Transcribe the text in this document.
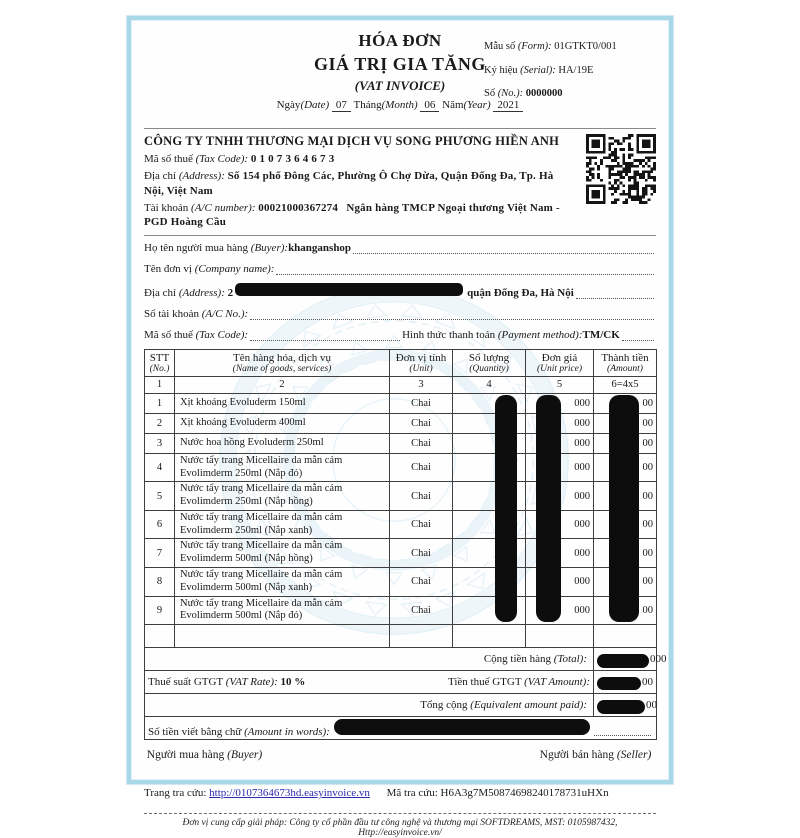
HÓA ĐƠN
GIÁ TRỊ GIA TĂNG
(VAT INVOICE)
Ngày(Date) 07 Tháng(Month) 06 Năm(Year) 2021
Mẫu số (Form): 01GTKT0/001
Ký hiệu (Serial): HA/19E
Số (No.): 0000000
CÔNG TY TNHH THƯƠNG MẠI DỊCH VỤ SONG PHƯƠNG HIỀN ANH
Mã số thuế (Tax Code): 0 1 0 7 3 6 4 6 7 3
Địa chỉ (Address): Số 154 phố Đông Các, Phường Ô Chợ Dừa, Quận Đống Đa, Tp. Hà Nội, Việt Nam
Tài khoản (A/C number): 00021000367274 Ngân hàng TMCP Ngoại thương Việt Nam - PGD Hoàng Cầu
Họ tên người mua hàng
(Buyer): khanganshop
Tên đơn vị
(Company name):
Địa chỉ
(Address):
2	quận Đống Đa, Hà Nội
Số tài khoản
(A/C No.):
Mã số thuế
(Tax Code):	Hình thức thanh toán
(Payment method): TM/CK
STT
(No.)	Tên hàng hóa, dịch vụ
(Name of goods, services)	Đơn vị tính
(Unit)	Số lượng
(Quantity)	Đơn giá
(Unit price)	Thành tiền
(Amount)

1	2	3	4	5	6=4x5
1	Xịt khoáng Evoluderm 150ml	Chai		000	00
2	Xịt khoáng Evoluderm 400ml	Chai		000	00
3	Nước hoa hồng Evoluderm 250ml	Chai		000	00
4	Nước tẩy trang Micellaire da mẫn cảm Evolimderm 250ml (Nắp đỏ)	Chai		000	00
5	Nước tẩy trang Micellaire da mẫn cảm Evolimderm 250ml (Nắp hồng)	Chai		000	00
6	Nước tẩy trang Micellaire da mẫn cảm Evolimderm 250ml (Nắp xanh)	Chai		000	00
7	Nước tẩy trang Micellaire da mẫn cảm Evolimderm 500ml (Nắp hồng)	Chai		000	00
8	Nước tẩy trang Micellaire da mẫn cảm Evolimderm 500ml (Nắp xanh)	Chai		000	00
9	Nước tẩy trang Micellaire da mẫn cảm Evolimderm 500ml (Nắp đỏ)	Chai		000	00

Cộng tiền hàng (Total):					000

Thuế suất GTGT (VAT Rate): 10 % Tiền thuế GTGT (VAT Amount):					00
Tổng cộng (Equivalent amount paid):					00

Số tiền viết bằng chữ
(Amount in words):					
Người mua hàng (Buyer)	Người bán hàng (Seller)
Trang tra cứu: http://0107364673hd.easyinvoice.vn Mã tra cứu: H6A3g7M50874698240178731uHXn
Đơn vị cung cấp giải pháp: Công ty cổ phần đầu tư công nghệ và thương mại SOFTDREAMS, MST: 0105987432, Http://easyinvoice.vn/
